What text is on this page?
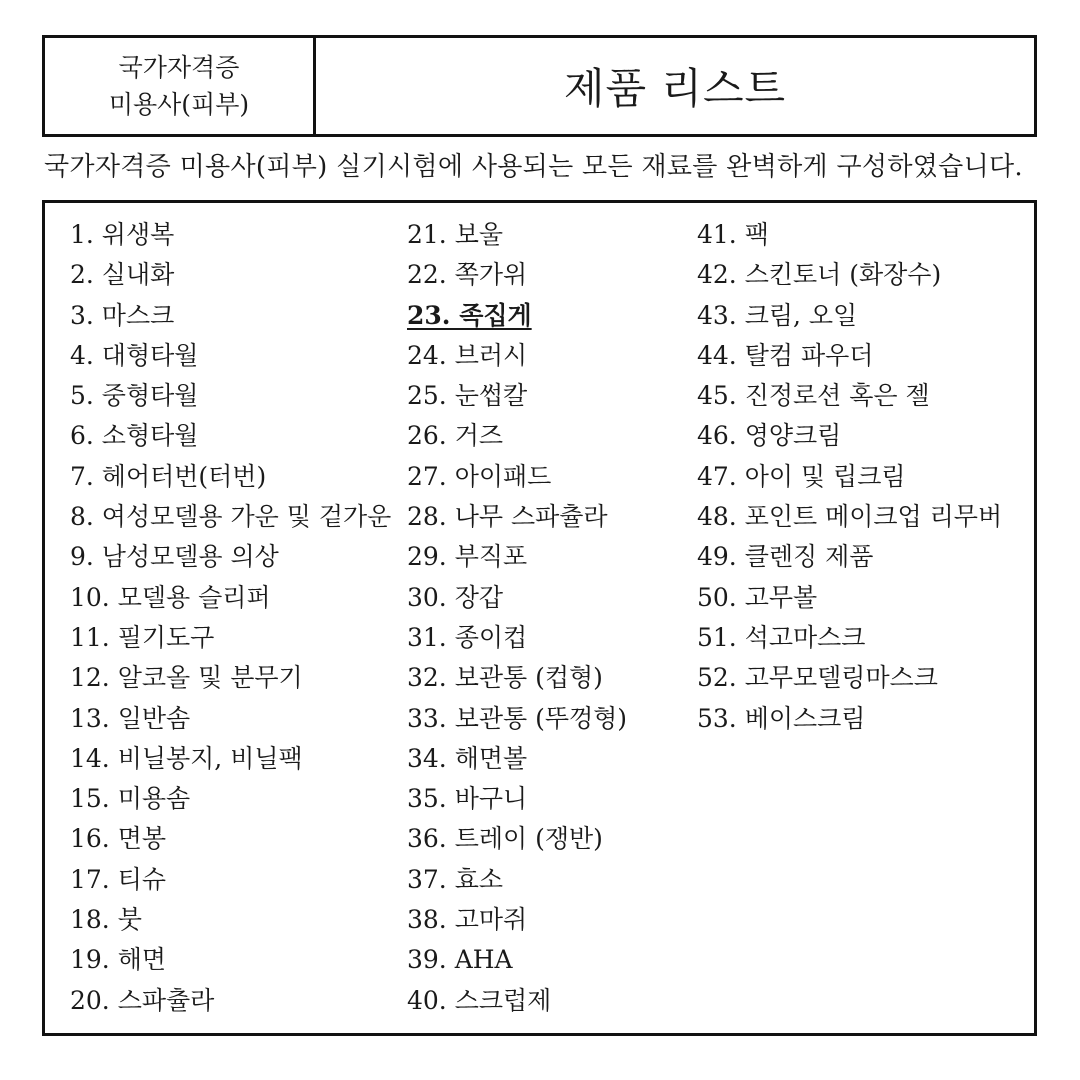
국가자격증
미용사(피부)	제품 리스트
국가자격증 미용사(피부) 실기시험에 사용되는 모든 재료를 완벽하게 구성하였습니다.
1. 위생복
2. 실내화
3. 마스크
4. 대형타월
5. 중형타월
6. 소형타월
7. 헤어터번(터번)
8. 여성모델용 가운 및 겉가운
9. 남성모델용 의상
10. 모델용 슬리퍼
11. 필기도구
12. 알코올 및 분무기
13. 일반솜
14. 비닐봉지, 비닐팩
15. 미용솜
16. 면봉
17. 티슈
18. 붓
19. 해면
20. 스파츌라
21. 보울
22. 쪽가위
23. 족집게
24. 브러시
25. 눈썹칼
26. 거즈
27. 아이패드
28. 나무 스파츌라
29. 부직포
30. 장갑
31. 종이컵
32. 보관통 (컵형)
33. 보관통 (뚜껑형)
34. 해면볼
35. 바구니
36. 트레이 (쟁반)
37. 효소
38. 고마쥐
39. AHA
40. 스크럽제
41. 팩
42. 스킨토너 (화장수)
43. 크림, 오일
44. 탈컴 파우더
45. 진정로션 혹은 젤
46. 영양크림
47. 아이 및 립크림
48. 포인트 메이크업 리무버
49. 클렌징 제품
50. 고무볼
51. 석고마스크
52. 고무모델링마스크
53. 베이스크림
